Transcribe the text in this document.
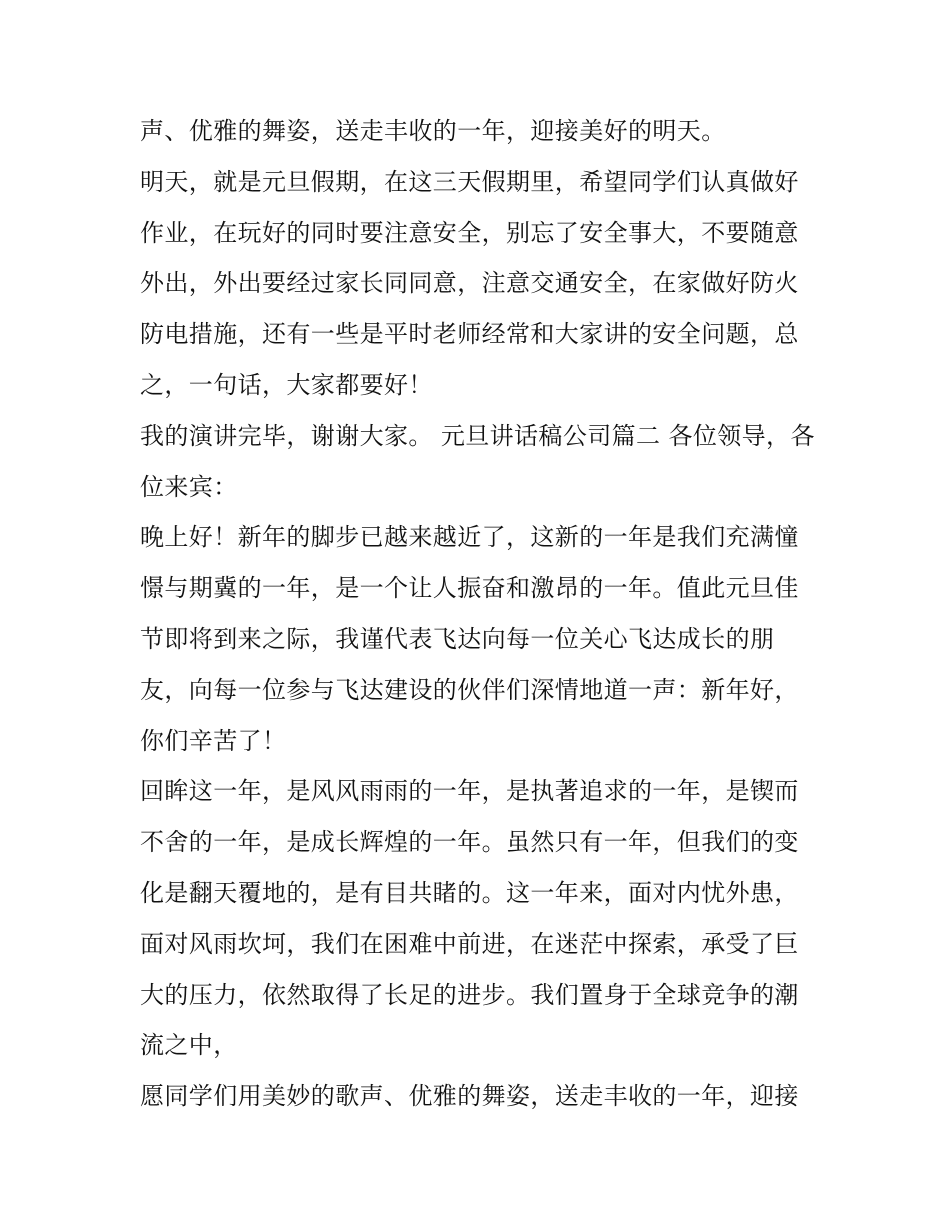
声、优雅的舞姿，送走丰收的一年，迎接美好的明天。

明天，就是元旦假期，在这三天假期里，希望同学们认真做好作业，在玩好的同时要注意安全，别忘了安全事大，不要随意外出，外出要经过家长同同意，注意交通安全，在家做好防火防电措施，还有一些是平时老师经常和大家讲的安全问题，总之，一句话，大家都要好！

我的演讲完毕，谢谢大家。 元旦讲话稿公司篇二 各位领导，各位来宾：

晚上好！新年的脚步已越来越近了，这新的一年是我们充满憧憬与期冀的一年，是一个让人振奋和激昂的一年。值此元旦佳节即将到来之际，我谨代表飞达向每一位关心飞达成长的朋友，向每一位参与飞达建设的伙伴们深情地道一声：新年好，你们辛苦了！

回眸这一年，是风风雨雨的一年，是执著追求的一年，是锲而不舍的一年，是成长辉煌的一年。虽然只有一年，但我们的变化是翻天覆地的，是有目共睹的。这一年来，面对内忧外患，面对风雨坎坷，我们在困难中前进，在迷茫中探索，承受了巨大的压力，依然取得了长足的进步。我们置身于全球竞争的潮流之中，

愿同学们用美妙的歌声、优雅的舞姿，送走丰收的一年，迎接
